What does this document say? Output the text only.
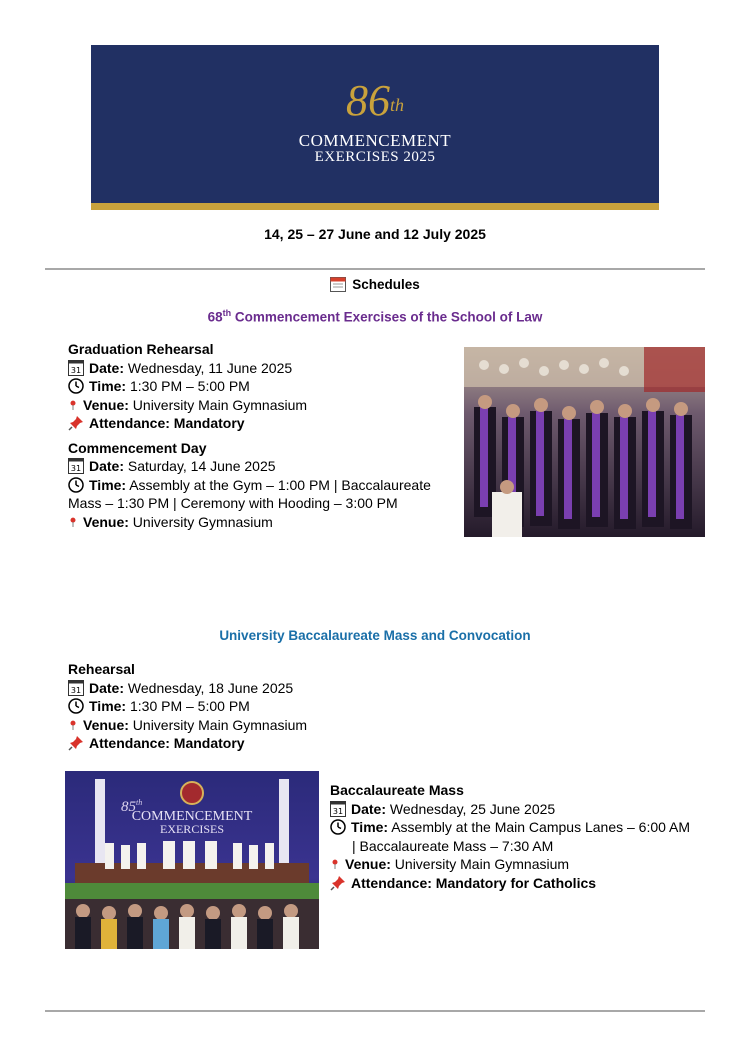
86th
COMMENCEMENT
EXERCISES 2025
14, 25 – 27 June and 12 July 2025
Schedules
68th Commencement Exercises of the School of Law
Graduation Rehearsal
31 Date: Wednesday, 11 June 2025
Time: 1:30 PM – 5:00 PM
Venue: University Main Gymnasium
Attendance: Mandatory
Commencement Day
31 Date: Saturday, 14 June 2025
Time: Assembly at the Gym – 1:00 PM | Baccalaureate Mass – 1:30 PM | Ceremony with Hooding – 3:00 PM
Venue: University Gymnasium
University Baccalaureate Mass and Convocation
Rehearsal
31 Date: Wednesday, 18 June 2025
Time: 1:30 PM – 5:00 PM
Venue: University Main Gymnasium
Attendance: Mandatory
85th
COMMENCEMENT
EXERCISES
Baccalaureate Mass
31 Date: Wednesday, 25 June 2025
Time: Assembly at the Main Campus Lanes – 6:00 AM
| Baccalaureate Mass – 7:30 AM
Venue: University Main Gymnasium
Attendance: Mandatory for Catholics
